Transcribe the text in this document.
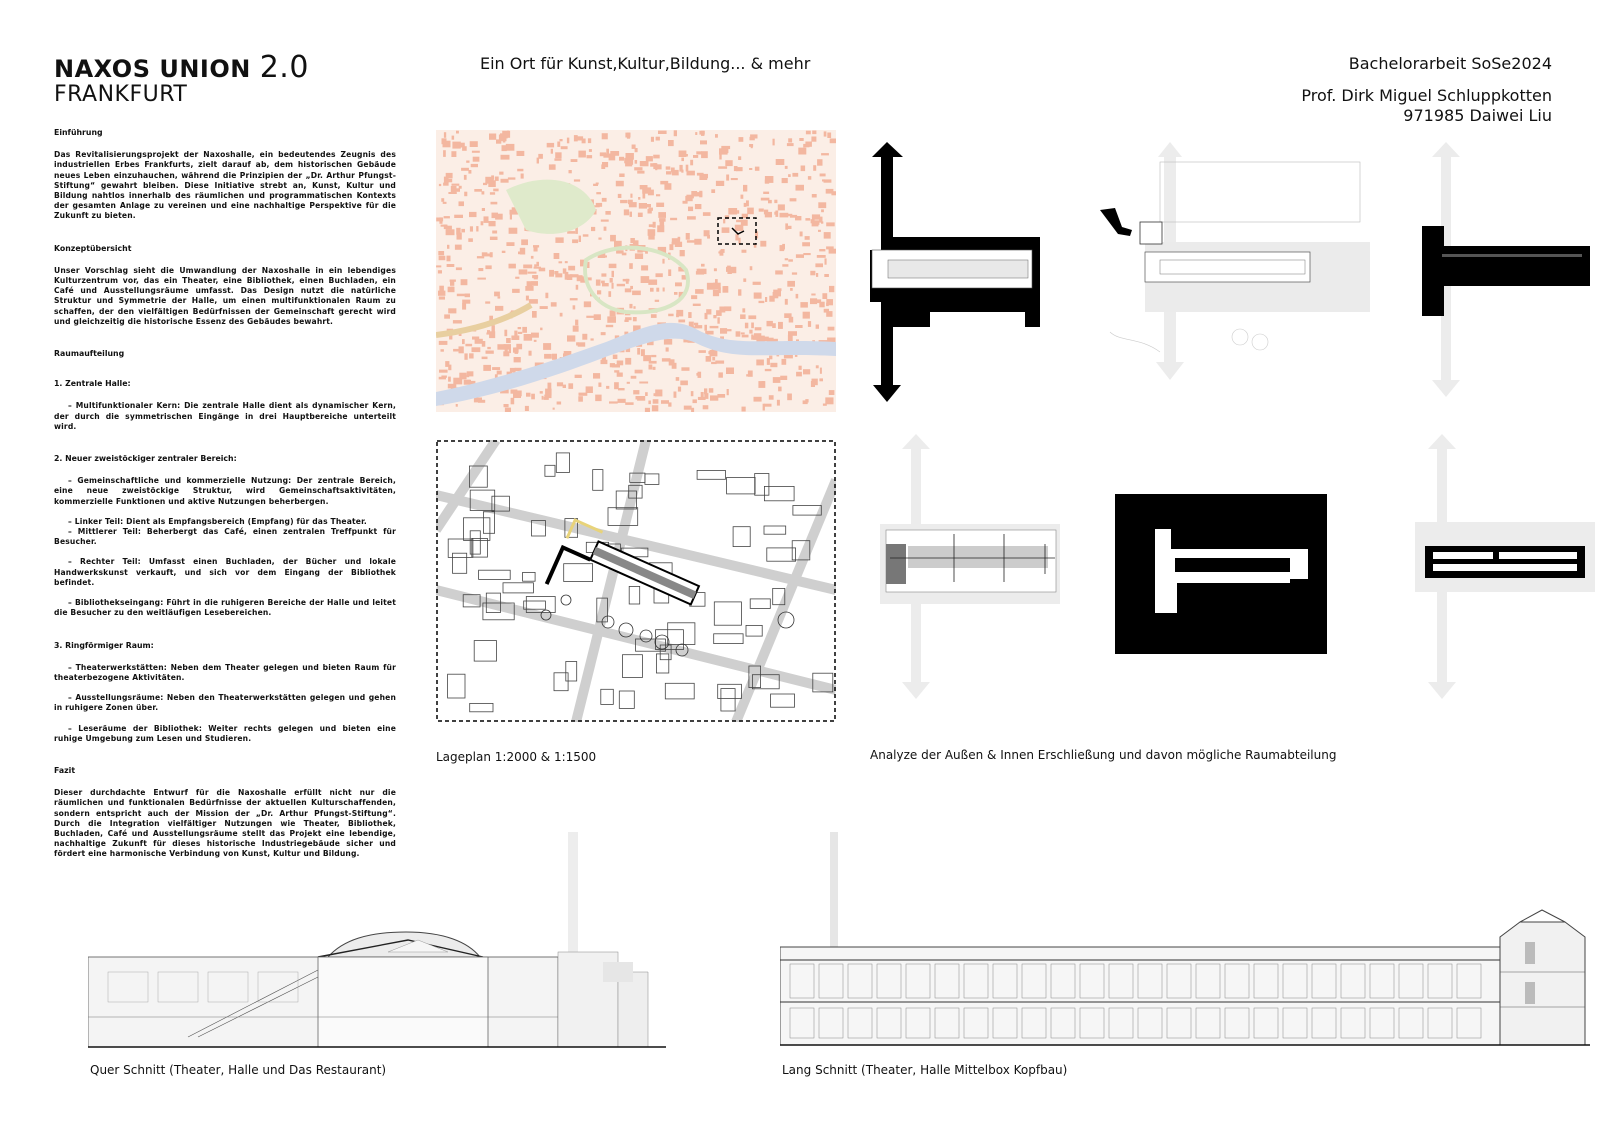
NAXOS UNION 2.0
FRANKFURT
Ein Ort für Kunst,Kultur,Bildung... & mehr	Bachelorarbeit SoSe2024
Prof. Dirk Miguel Schluppkotten
971985 Daiwei Liu
Einführung

Das Revitalisierungsprojekt der Naxoshalle, ein bedeutendes Zeugnis des industriellen Erbes Frankfurts, zielt darauf ab, dem historischen Gebäude neues Leben einzuhauchen, während die Prinzipien der „Dr. Arthur Pfungst-Stiftung“ gewahrt bleiben. Diese Initiative strebt an, Kunst, Kultur und Bildung nahtlos innerhalb des räumlichen und programmatischen Kontexts der gesamten Anlage zu vereinen und eine nachhaltige Perspektive für die Zukunft zu bieten.

Konzeptübersicht

Unser Vorschlag sieht die Umwandlung der Naxoshalle in ein lebendiges Kulturzentrum vor, das ein Theater, eine Bibliothek, einen Buchladen, ein Café und Ausstellungsräume umfasst. Das Design nutzt die natürliche Struktur und Symmetrie der Halle, um einen multifunktionalen Raum zu schaffen, der den vielfältigen Bedürfnissen der Gemeinschaft gerecht wird und gleichzeitig die historische Essenz des Gebäudes bewahrt.

Raumaufteilung
1. Zentrale Halle:

– Multifunktionaler Kern: Die zentrale Halle dient als dynamischer Kern, der durch die symmetrischen Eingänge in drei Hauptbereiche unterteilt wird.

2. Neuer zweistöckiger zentraler Bereich:

– Gemeinschaftliche und kommerzielle Nutzung: Der zentrale Bereich, eine neue zweistöckige Struktur, wird Gemeinschaftsaktivitäten, kommerzielle Funktionen und aktive Nutzungen beherbergen.

– Linker Teil: Dient als Empfangsbereich (Empfang) für das Theater.

– Mittlerer Teil: Beherbergt das Café, einen zentralen Treffpunkt für Besucher.

– Rechter Teil: Umfasst einen Buchladen, der Bücher und lokale Handwerkskunst verkauft, und sich vor dem Eingang der Bibliothek befindet.

– Bibliothekseingang: Führt in die ruhigeren Bereiche der Halle und leitet die Besucher zu den weitläufigen Lesebereichen.

3. Ringförmiger Raum:

– Theaterwerkstätten: Neben dem Theater gelegen und bieten Raum für theaterbezogene Aktivitäten.

– Ausstellungsräume: Neben den Theaterwerkstätten gelegen und gehen in ruhigere Zonen über.

– Leseräume der Bibliothek: Weiter rechts gelegen und bieten eine ruhige Umgebung zum Lesen und Studieren.

Fazit

Dieser durchdachte Entwurf für die Naxoshalle erfüllt nicht nur die räumlichen und funktionalen Bedürfnisse der aktuellen Kulturschaffenden, sondern entspricht auch der Mission der „Dr. Arthur Pfungst-Stiftung“. Durch die Integration vielfältiger Nutzungen wie Theater, Bibliothek, Buchladen, Café und Ausstellungsräume stellt das Projekt eine lebendige, nachhaltige Zukunft für dieses historische Industriegebäude sicher und fördert eine harmonische Verbindung von Kunst, Kultur und Bildung.

Lageplan 1:2000 & 1:1500	Analyze der Außen & Innen Erschließung und davon mögliche Raumabteilung
Quer Schnitt (Theater, Halle und Das Restaurant)	Lang Schnitt (Theater, Halle Mittelbox Kopfbau)
